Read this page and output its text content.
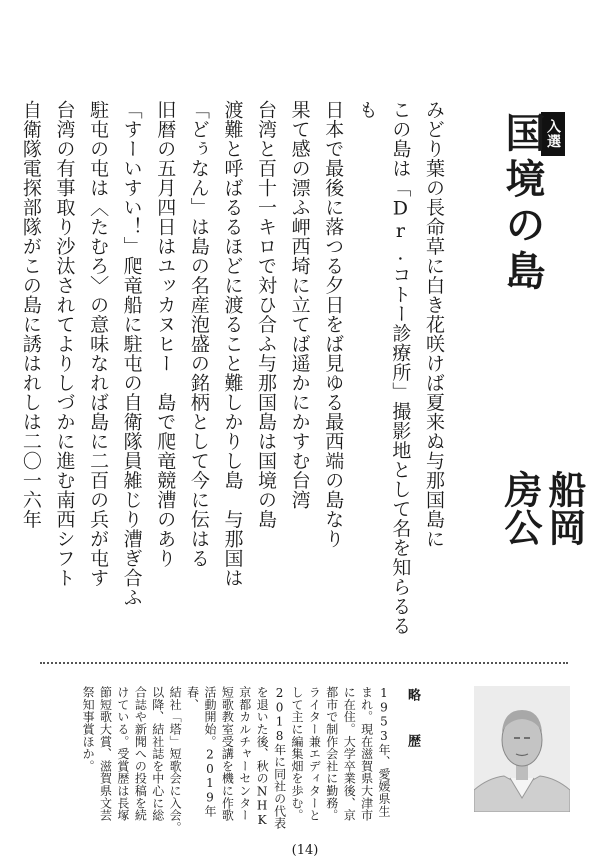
入選
国境の島
船岡
房公

みどり葉の長命草に白き花咲けば夏来ぬ与那国島に

この島は「Dr.コトー診療所」撮影地として名を知らるるも

日本で最後に落つる夕日をば見ゆる最西端の島なり

果て感の漂ふ岬西埼に立てば遥かにかすむ台湾

台湾と百十一キロで対ひ合ふ与那国島は国境の島

渡難と呼ばるるほどに渡ること難しかりし島　与那国は

「どぅなん」は島の名産泡盛の銘柄として今に伝はる

旧暦の五月四日はユッカヌヒー　島で爬竜競漕のあり

「すーいすい！」爬竜船に駐屯の自衛隊員雑じり漕ぎ合ふ

駐屯の屯は〈たむろ〉の意味なれば島に二百の兵が屯す

台湾の有事取り沙汰されてよりしづかに進む南西シフト

自衛隊電探部隊がこの島に誘はれしは二〇一六年

略　歴

1953年、愛媛県生

まれ。現在滋賀県大津市

に在住。大学卒業後、京

都市で制作会社に勤務。

ライター兼エディターと

して主に編集畑を歩む。

2018年に同社の代表

を退いた後、秋のNHK

京都カルチャーセンター

短歌教室受講を機に作歌

活動開始。2019年春、

結社「塔」短歌会に入会。

以降、結社誌を中心に総

合誌や新聞への投稿を続

けている。受賞歴は長塚

節短歌大賞、滋賀県文芸

祭知事賞ほか。

(14)
